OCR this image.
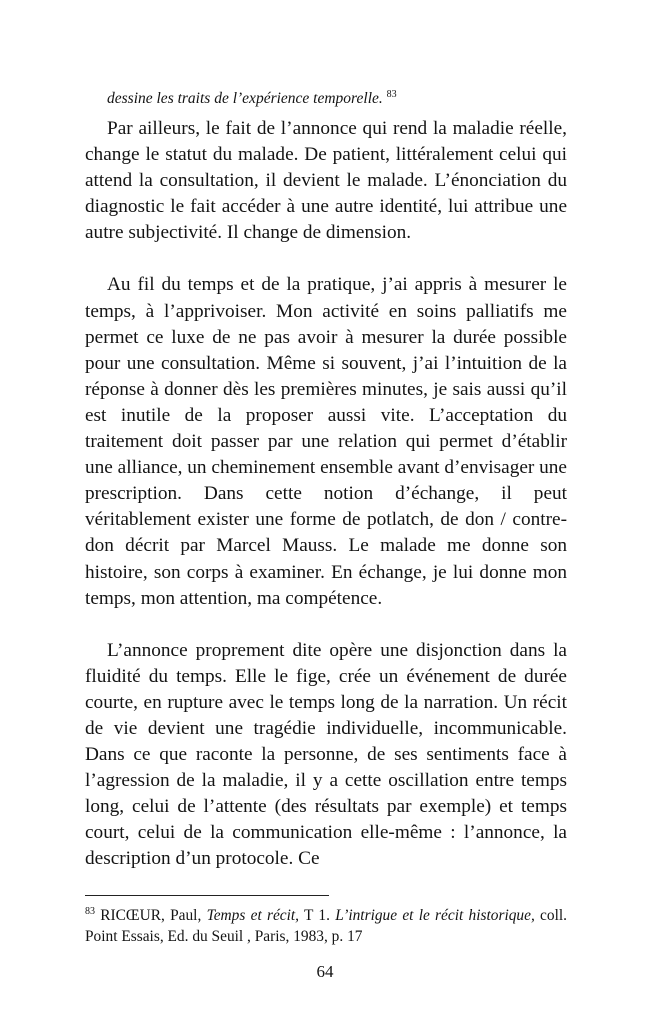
dessine les traits de l’expérience temporelle. $^{83}$

Par ailleurs, le fait de l’annonce qui rend la maladie réelle, change le statut du malade. De patient, littéralement celui qui attend la consultation, il devient le malade. L’énonciation du diagnostic le fait accéder à une autre identité, lui attribue une autre subjectivité. Il change de dimension.

Au fil du temps et de la pratique, j’ai appris à mesurer le temps, à l’apprivoiser. Mon activité en soins palliatifs me permet ce luxe de ne pas avoir à mesurer la durée possible pour une consultation. Même si souvent, j’ai l’intuition de la réponse à donner dès les premières minutes, je sais aussi qu’il est inutile de la proposer aussi vite. L’acceptation du traitement doit passer par une relation qui permet d’établir une alliance, un cheminement ensemble avant d’envisager une prescription. Dans cette notion d’échange, il peut véritablement exister une forme de potlatch, de don / contre-don décrit par Marcel Mauss. Le malade me donne son histoire, son corps à examiner. En échange, je lui donne mon temps, mon attention, ma compétence.

L’annonce proprement dite opère une disjonction dans la fluidité du temps. Elle le fige, crée un événement de durée courte, en rupture avec le temps long de la narration. Un récit de vie devient une tragédie individuelle, incommunicable. Dans ce que raconte la personne, de ses sentiments face à l’agression de la maladie, il y a cette oscillation entre temps long, celui de l’attente (des résultats par exemple) et temps court, celui de la communication elle-même : l’annonce, la description d’un protocole. Ce

$^{83}$ RICŒUR, Paul, Temps et récit, T 1. L’intrigue et le récit historique, coll. Point Essais, Ed. du Seuil , Paris, 1983, p. 17

64
